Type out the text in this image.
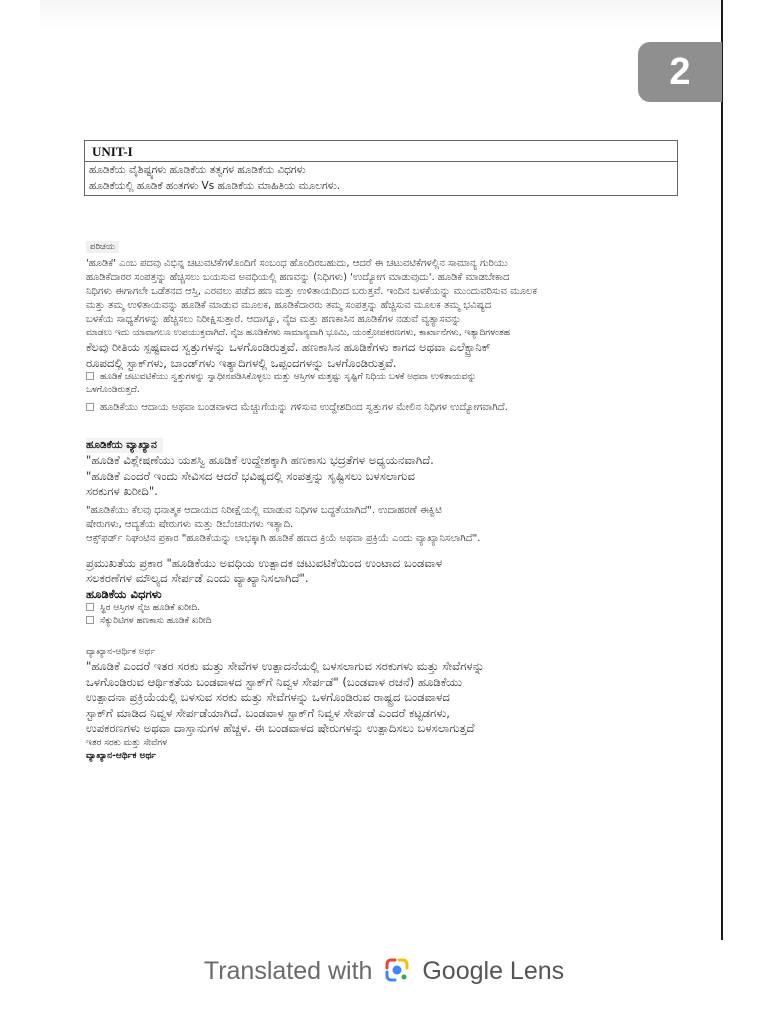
2
UNIT-I
ಹೂಡಿಕೆಯ ವೈಶಿಷ್ಟ್ಯಗಳು ಹೂಡಿಕೆಯ ತತ್ವಗಳ ಹೂಡಿಕೆಯ ವಿಧಗಳು
ಹೂಡಿಕೆಯಲ್ಲಿ ಹೂಡಿಕೆ ಹಂತಗಳು Vs ಹೂಡಿಕೆಯ ಮಾಹಿತಿಯ ಮೂಲಗಳು.
ಪರಿಚಯ
'ಹೂಡಿಕೆ' ಎಂಬ ಪದವು ವಿಭಿನ್ನ ಚಟುವಟಿಕೆಗಳೊಂದಿಗೆ ಸಂಬಂಧ ಹೊಂದಿರಬಹುದು, ಆದರೆ ಈ ಚಟುವಟಿಕೆಗಳಲ್ಲಿನ ಸಾಮಾನ್ಯ ಗುರಿಯು
ಹೂಡಿಕೆದಾರರ ಸಂಪತ್ತನ್ನು ಹೆಚ್ಚಿಸಲು ಬಯಸುವ ಅವಧಿಯಲ್ಲಿ ಹಣವನ್ನು (ನಿಧಿಗಳು) 'ಉದ್ಯೋಗ ಮಾಡುವುದು'. ಹೂಡಿಕೆ ಮಾಡಬೇಕಾದ
ನಿಧಿಗಳು ಈಗಾಗಲೇ ಒಡೆತನದ ಆಸ್ತಿ, ಎರವಲು ಪಡೆದ ಹಣ ಮತ್ತು ಉಳಿತಾಯದಿಂದ ಬರುತ್ತವೆ. ಇಂದಿನ ಬಳಕೆಯನ್ನು ಮುಂದುವರಿಸುವ ಮೂಲಕ
ಮತ್ತು ತಮ್ಮ ಉಳಿತಾಯವನ್ನು ಹೂಡಿಕೆ ಮಾಡುವ ಮೂಲಕ, ಹೂಡಿಕೆದಾರರು ತಮ್ಮ ಸಂಪತ್ತನ್ನು ಹೆಚ್ಚಿಸುವ ಮೂಲಕ ತಮ್ಮ ಭವಿಷ್ಯದ
ಬಳಕೆಯ ಸಾಧ್ಯತೆಗಳನ್ನು ಹೆಚ್ಚಿಸಲು ನಿರೀಕ್ಷಿಸುತ್ತಾರೆ. ಆದಾಗ್ಯೂ, ನೈಜ ಮತ್ತು ಹಣಕಾಸಿನ ಹೂಡಿಕೆಗಳ ನಡುವೆ ವ್ಯತ್ಯಾಸವನ್ನು
ಮಾಡಲು ಇದು ಯಾವಾಗಲೂ ಉಪಯುಕ್ತವಾಗಿದೆ. ನೈಜ ಹೂಡಿಕೆಗಳು ಸಾಮಾನ್ಯವಾಗಿ ಭೂಮಿ, ಯಂತ್ರೋಪಕರಣಗಳು, ಕಾರ್ಖಾನೆಗಳು, ಇತ್ಯಾದಿಗಳಂತಹ
ಕೆಲವು ರೀತಿಯ ಸ್ಪಷ್ಟವಾದ ಸ್ವತ್ತುಗಳನ್ನು ಒಳಗೊಂಡಿರುತ್ತವೆ. ಹಣಕಾಸಿನ ಹೂಡಿಕೆಗಳು ಕಾಗದ ಅಥವಾ ಎಲೆಕ್ಟ್ರಾನಿಕ್
ರೂಪದಲ್ಲಿ ಸ್ಟಾಕ್‌ಗಳು, ಬಾಂಡ್‌ಗಳು ಇತ್ಯಾದಿಗಳಲ್ಲಿ ಒಪ್ಪಂದಗಳನ್ನು ಒಳಗೊಂಡಿರುತ್ತವೆ.
ಹೂಡಿಕೆ ಚಟುವಟಿಕೆಯು ಸ್ವತ್ತುಗಳನ್ನು ಸ್ವಾಧೀನಪಡಿಸಿಕೊಳ್ಳಲು ಮತ್ತು ಆಸ್ತಿಗಳ ಮತ್ತಷ್ಟು ಸೃಷ್ಟಿಗೆ ನಿಧಿಯ ಬಳಕೆ ಅಥವಾ ಉಳಿತಾಯವನ್ನು
ಒಳಗೊಂಡಿರುತ್ತದೆ.
ಹೂಡಿಕೆಯು ಆದಾಯ ಅಥವಾ ಬಂಡವಾಳದ ಮೆಚ್ಚುಗೆಯನ್ನು ಗಳಿಸುವ ಉದ್ದೇಶದಿಂದ ಸ್ವತ್ತುಗಳ ಮೇಲಿನ ನಿಧಿಗಳ ಉದ್ಯೋಗವಾಗಿದೆ.
ಹೂಡಿಕೆಯ ವ್ಯಾಖ್ಯಾನ
"ಹೂಡಿಕೆ ವಿಶ್ಲೇಷಣೆಯು ಯಶಸ್ವಿ ಹೂಡಿಕೆ ಉದ್ದೇಶಕ್ಕಾಗಿ ಹಣಕಾಸು ಭದ್ರತೆಗಳ ಅಧ್ಯಯನವಾಗಿದೆ.
"ಹೂಡಿಕೆ ಎಂದರೆ ಇಂದು ಸೇವಿಸದ ಆದರೆ ಭವಿಷ್ಯದಲ್ಲಿ ಸಂಪತ್ತನ್ನು ಸೃಷ್ಟಿಸಲು ಬಳಸಲಾಗುವ
ಸರಕುಗಳ ಖರೀದಿ".
"ಹೂಡಿಕೆಯು ಕೆಲವು ಧನಾತ್ಮಕ ಆದಾಯದ ನಿರೀಕ್ಷೆಯಲ್ಲಿ ಮಾಡುವ ನಿಧಿಗಳ ಬದ್ಧತೆಯಾಗಿದೆ". ಉದಾಹರಣೆ ಈಕ್ವಿಟಿ
ಷೇರುಗಳು, ಆದ್ಯತೆಯ ಷೇರುಗಳು ಮತ್ತು ಡಿಬೆಂಚರುಗಳು ಇತ್ಯಾದಿ.
ಆಕ್ಸ್‌ಫರ್ಡ್ ನಿಘಂಟಿನ ಪ್ರಕಾರ "ಹೂಡಿಕೆಯನ್ನು ಲಾಭಕ್ಕಾಗಿ ಹೂಡಿಕೆ ಹಣದ ಕ್ರಿಯೆ ಅಥವಾ ಪ್ರಕ್ರಿಯೆ ಎಂದು ವ್ಯಾಖ್ಯಾನಿಸಲಾಗಿದೆ".
ಪ್ರಮುಖತೆಯ ಪ್ರಕಾರ "ಹೂಡಿಕೆಯು ಅವಧಿಯ ಉತ್ಪಾದಕ ಚಟುವಟಿಕೆಯಿಂದ ಉಂಟಾದ ಬಂಡವಾಳ
ಸಲಕರಣೆಗಳ ಮೌಲ್ಯದ ಸೇರ್ಪಡೆ ಎಂದು ವ್ಯಾಖ್ಯಾನಿಸಲಾಗಿದೆ".
ಹೂಡಿಕೆಯ ವಿಧಗಳು
ಸ್ಥಿರ ಆಸ್ತಿಗಳ ನೈಜ ಹೂಡಿಕೆ ಖರೀದಿ.
ಸೆಕ್ಯುರಿಟಿಗಳ ಹಣಕಾಸು ಹೂಡಿಕೆ ಖರೀದಿ
ವ್ಯಾಖ್ಯಾನ-ಆರ್ಥಿಕ ಅರ್ಥ
"ಹೂಡಿಕೆ ಎಂದರೆ ಇತರ ಸರಕು ಮತ್ತು ಸೇವೆಗಳ ಉತ್ಪಾದನೆಯಲ್ಲಿ ಬಳಸಲಾಗುವ ಸರಕುಗಳು ಮತ್ತು ಸೇವೆಗಳನ್ನು
ಒಳಗೊಂಡಿರುವ ಆರ್ಥಿಕತೆಯ ಬಂಡವಾಳದ ಸ್ಟಾಕ್‌ಗೆ ನಿವ್ವಳ ಸೇರ್ಪಡೆ" (ಬಂಡವಾಳ ರಚನೆ) ಹೂಡಿಕೆಯು
ಉತ್ಪಾದನಾ ಪ್ರಕ್ರಿಯೆಯಲ್ಲಿ ಬಳಸುವ ಸರಕು ಮತ್ತು ಸೇವೆಗಳನ್ನು ಒಳಗೊಂಡಿರುವ ರಾಷ್ಟ್ರದ ಬಂಡವಾಳದ
ಸ್ಟಾಕ್‌ಗೆ ಮಾಡಿದ ನಿವ್ವಳ ಸೇರ್ಪಡೆಯಾಗಿದೆ. ಬಂಡವಾಳ ಸ್ಟಾಕ್‌ಗೆ ನಿವ್ವಳ ಸೇರ್ಪಡೆ ಎಂದರೆ ಕಟ್ಟಡಗಳು,
ಉಪಕರಣಗಳು ಅಥವಾ ದಾಸ್ತಾನುಗಳ ಹೆಚ್ಚಳ. ಈ ಬಂಡವಾಳದ ಷೇರುಗಳನ್ನು ಉತ್ಪಾದಿಸಲು ಬಳಸಲಾಗುತ್ತದೆ
ಇತರ ಸರಕು ಮತ್ತು ಸೇವೆಗಳ
ವ್ಯಾಖ್ಯಾನ-ಆರ್ಥಿಕ ಅರ್ಥ
Translated with Google Lens
